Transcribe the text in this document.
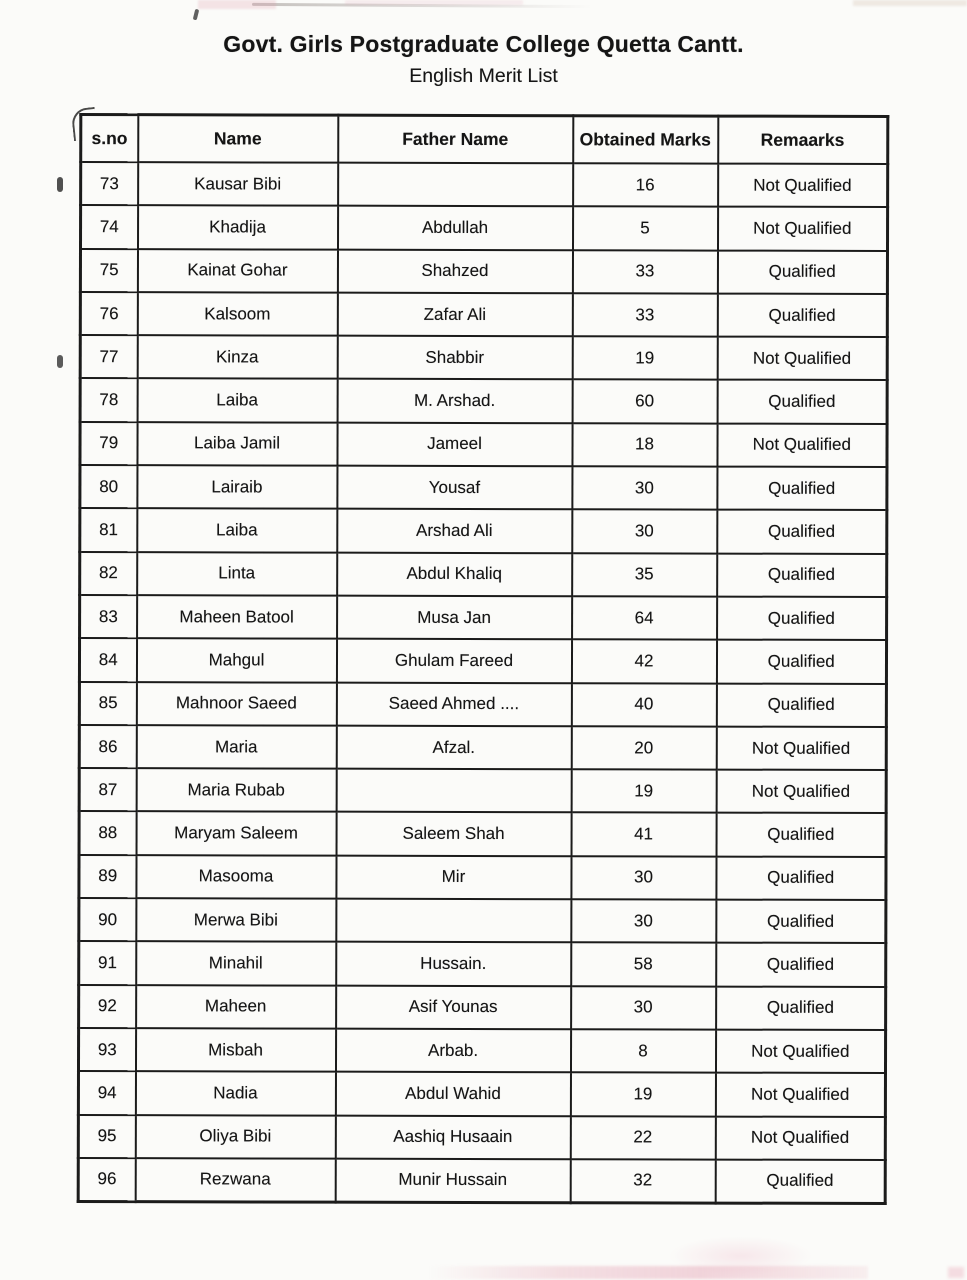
Govt. Girls Postgraduate College Quetta Cantt.
English Merit List
s.no	Name	Father Name	Obtained Marks	Remaarks
73	Kausar Bibi		16	Not Qualified
74	Khadija	Abdullah	5	Not Qualified
75	Kainat Gohar	Shahzed	33	Qualified
76	Kalsoom	Zafar Ali	33	Qualified
77	Kinza	Shabbir	19	Not Qualified
78	Laiba	M. Arshad.	60	Qualified
79	Laiba Jamil	Jameel	18	Not Qualified
80	Lairaib	Yousaf	30	Qualified
81	Laiba	Arshad Ali	30	Qualified
82	Linta	Abdul Khaliq	35	Qualified
83	Maheen Batool	Musa Jan	64	Qualified
84	Mahgul	Ghulam Fareed	42	Qualified
85	Mahnoor Saeed	Saeed Ahmed ....	40	Qualified
86	Maria	Afzal.	20	Not Qualified
87	Maria Rubab		19	Not Qualified
88	Maryam Saleem	Saleem Shah	41	Qualified
89	Masooma	Mir	30	Qualified
90	Merwa Bibi		30	Qualified
91	Minahil	Hussain.	58	Qualified
92	Maheen	Asif Younas	30	Qualified
93	Misbah	Arbab.	8	Not Qualified
94	Nadia	Abdul Wahid	19	Not Qualified
95	Oliya Bibi	Aashiq Husaain	22	Not Qualified
96	Rezwana	Munir Hussain	32	Qualified
